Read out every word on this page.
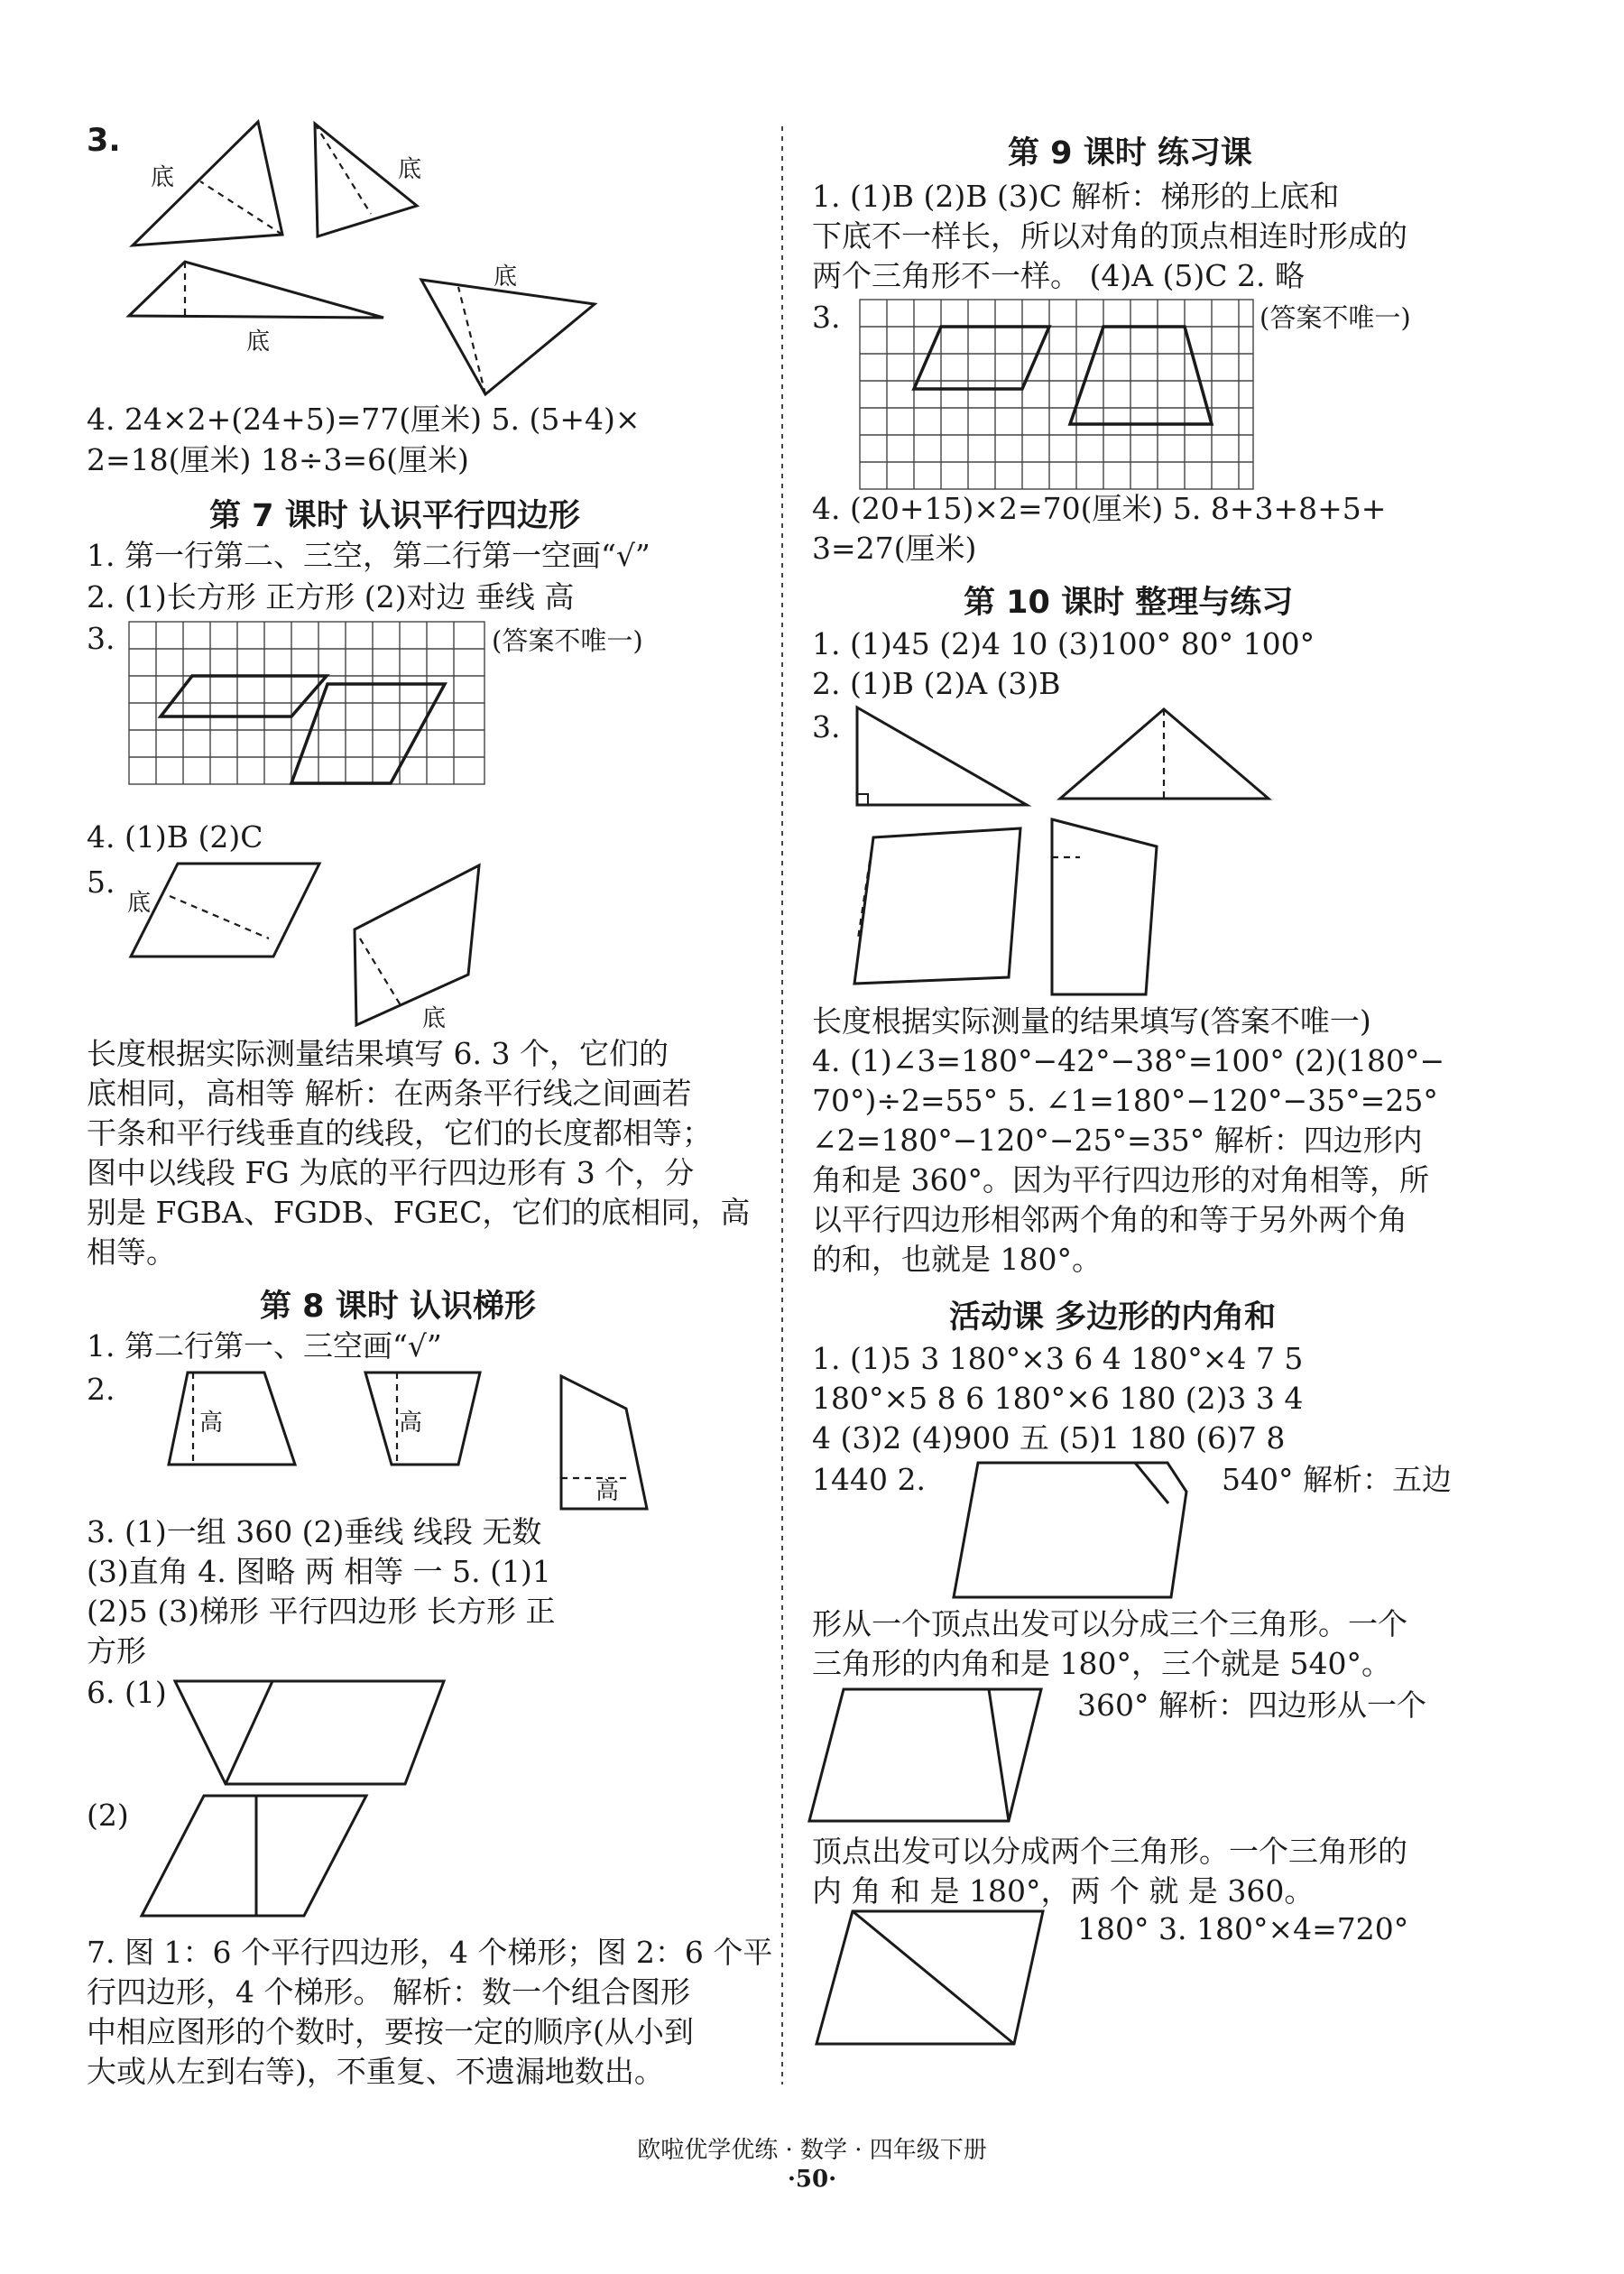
3.
底	底
底
底
4. 24×2+(24+5)=77(厘米) 5. (5+4)×
2=18(厘米) 18÷3=6(厘米)
第 7 课时 认识平行四边形
1. 第一行第二、三空，第二行第一空画“√”
2. (1)长方形 正方形 (2)对边 垂线 高
3.	(答案不唯一)
4. (1)B (2)C
5.
底
底
长度根据实际测量结果填写 6. 3 个，它们的
底相同，高相等 解析：在两条平行线之间画若
干条和平行线垂直的线段，它们的长度都相等；
图中以线段 FG 为底的平行四边形有 3 个，分
别是 FGBA、FGDB、FGEC，它们的底相同，高
相等。
第 8 课时 认识梯形
1. 第二行第一、三空画“√”
2.
高	高
高
3. (1)一组 360 (2)垂线 线段 无数
(3)直角 4. 图略 两 相等 一 5. (1)1
(2)5 (3)梯形 平行四边形 长方形 正
方形
6. (1)
(2)
7. 图 1：6 个平行四边形，4 个梯形；图 2：6 个平
行四边形，4 个梯形。 解析：数一个组合图形
中相应图形的个数时，要按一定的顺序(从小到
大或从左到右等)，不重复、不遗漏地数出。
第 9 课时 练习课
1. (1)B (2)B (3)C 解析：梯形的上底和
下底不一样长，所以对角的顶点相连时形成的
两个三角形不一样。 (4)A (5)C 2. 略
3.	(答案不唯一)
4. (20+15)×2=70(厘米) 5. 8+3+8+5+
3=27(厘米)
第 10 课时 整理与练习
1. (1)45 (2)4 10 (3)100° 80° 100°
2. (1)B (2)A (3)B
3.
长度根据实际测量的结果填写(答案不唯一)
4. (1)∠3=180°−42°−38°=100° (2)(180°−
70°)÷2=55° 5. ∠1=180°−120°−35°=25°
∠2=180°−120°−25°=35° 解析：四边形内
角和是 360°。因为平行四边形的对角相等，所
以平行四边形相邻两个角的和等于另外两个角
的和，也就是 180°。
活动课 多边形的内角和
1. (1)5 3 180°×3 6 4 180°×4 7 5
180°×5 8 6 180°×6 180 (2)3 3 4
4 (3)2 (4)900 五 (5)1 180 (6)7 8
1440 2.	540° 解析：五边
形从一个顶点出发可以分成三个三角形。一个
三角形的内角和是 180°，三个就是 540°。
360° 解析：四边形从一个
顶点出发可以分成两个三角形。一个三角形的
内 角 和 是 180°，两 个 就 是 360。
180° 3. 180°×4=720°
欧啦优学优练 · 数学 · 四年级下册
·50·
